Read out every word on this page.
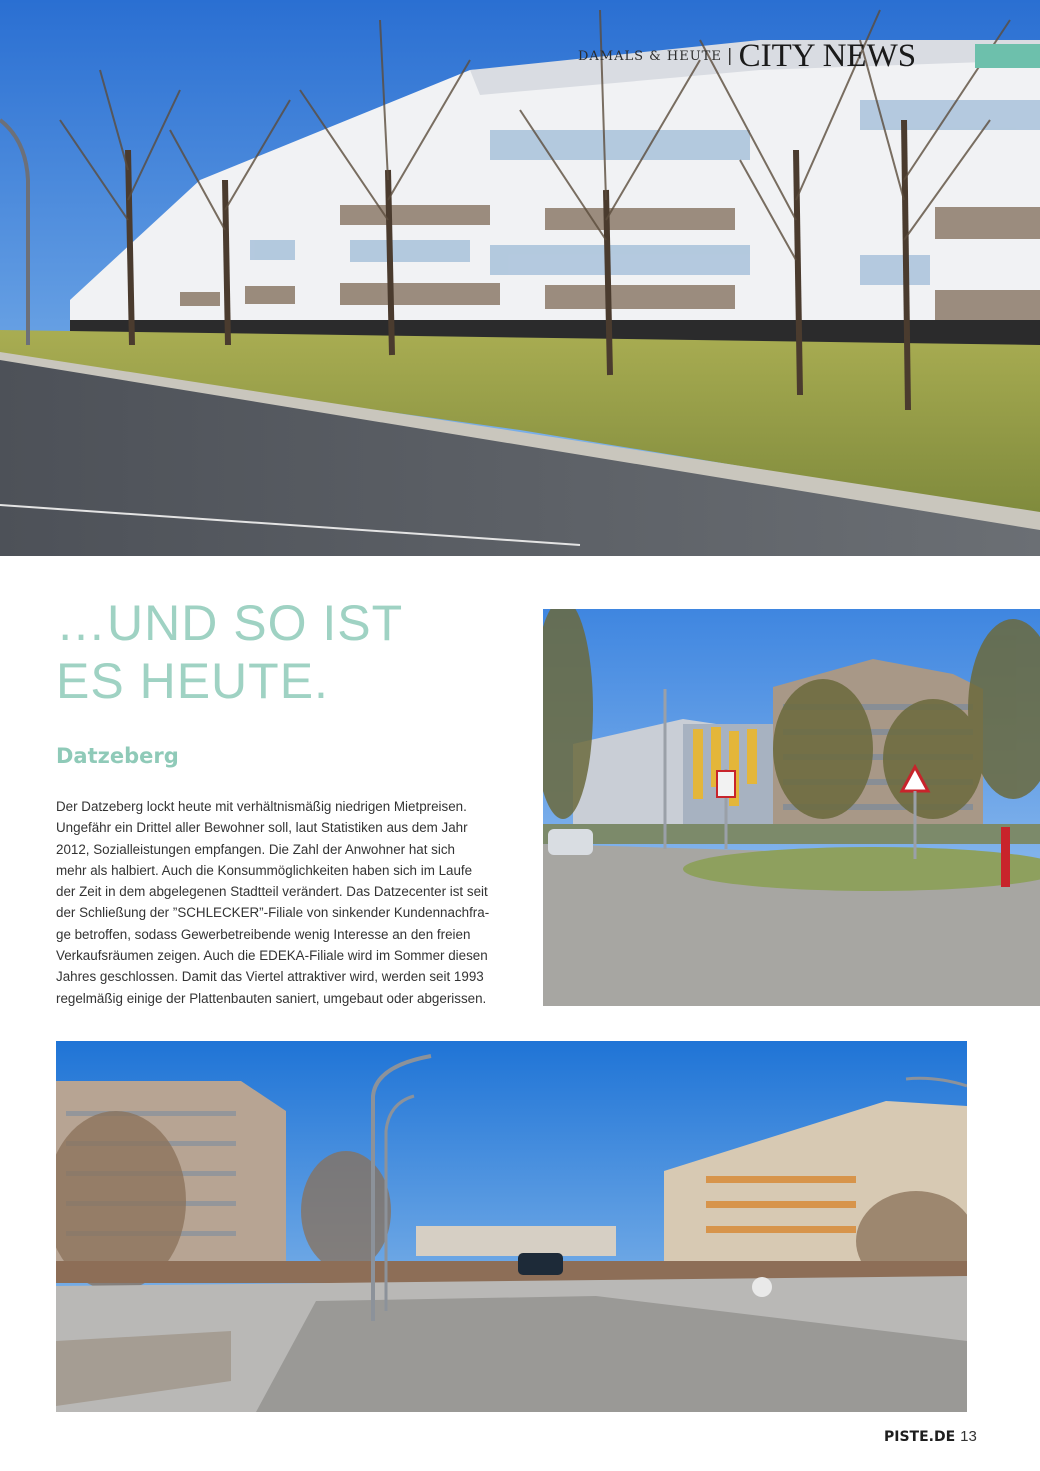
DAMALS & HEUTE | CITY NEWS
…UND SO IST
ES HEUTE.
Datzeberg
Der Datzeberg lockt heute mit verhältnismäßig niedrigen Mietpreisen.
Ungefähr ein Drittel aller Bewohner soll, laut Statistiken aus dem Jahr
2012, Sozialleistungen empfangen. Die Zahl der Anwohner hat sich
mehr als halbiert. Auch die Konsummöglichkeiten haben sich im Laufe
der Zeit in dem abgelegenen Stadtteil verändert. Das Datzecenter ist seit
der Schließung der ”SCHLECKER”-Filiale von sinkender Kundennachfra-
ge betroffen, sodass Gewerbetreibende wenig Interesse an den freien
Verkaufsräumen zeigen. Auch die EDEKA-Filiale wird im Sommer diesen
Jahres geschlossen. Damit das Viertel attraktiver wird, werden seit 1993
regelmäßig einige der Plattenbauten saniert, umgebaut oder abgerissen.
PISTE.DE 13
